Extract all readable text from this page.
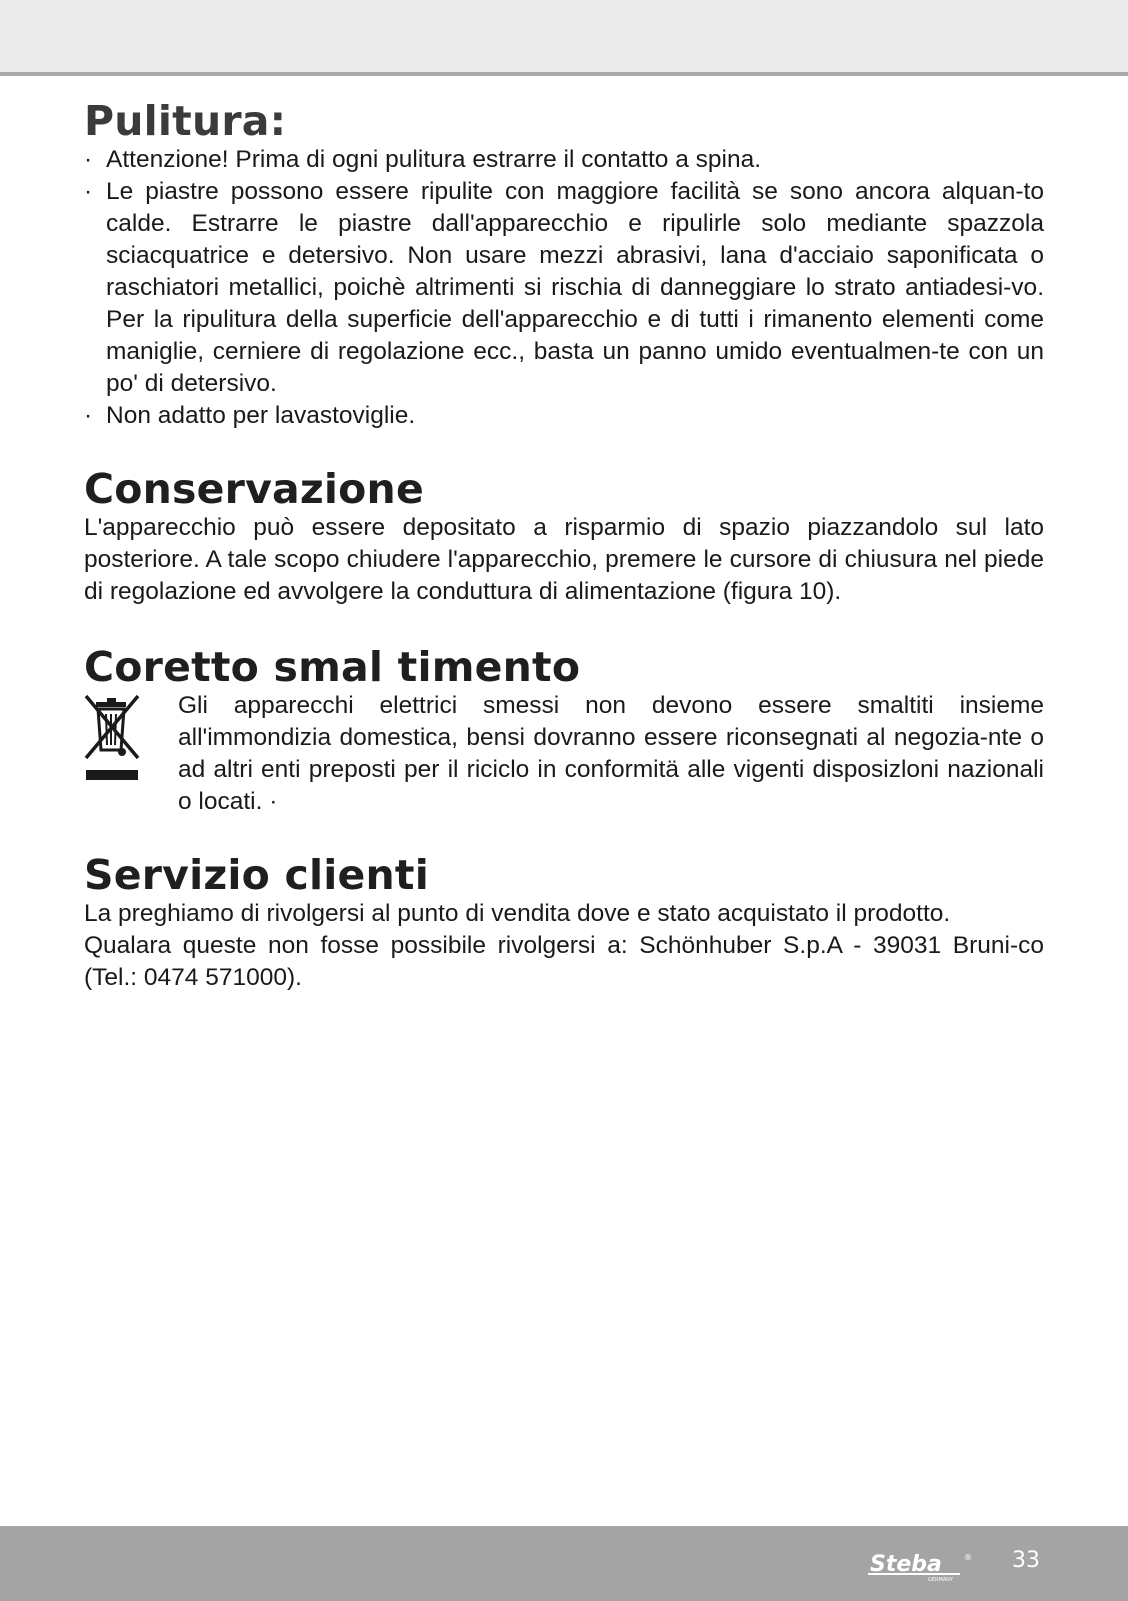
Pulitura:
· Attenzione! Prima di ogni pulitura estrarre il contatto a spina.
· Le piastre possono essere ripulite con maggiore facilità se sono ancora alquan-to calde. Estrarre le piastre dall'apparecchio e ripulirle solo mediante spazzola sciacquatrice e detersivo. Non usare mezzi abrasivi, lana d'acciaio saponificata o raschiatori metallici, poichè altrimenti si rischia di danneggiare lo strato antiadesi-vo. Per la ripulitura della superficie dell'apparecchio e di tutti i rimanento elementi come maniglie, cerniere di regolazione ecc., basta un panno umido eventualmen-te con un po' di detersivo.
· Non adatto per lavastoviglie.
Conservazione

L'apparecchio può essere depositato a risparmio di spazio piazzandolo sul lato posteriore. A tale scopo chiudere l'apparecchio, premere le cursore di chiusura nel piede di regolazione ed avvolgere la conduttura di alimentazione (figura 10).

Coretto smal timento

Gli apparecchi elettrici smessi non devono essere smaltiti insieme all'immondizia domestica, bensi dovranno essere riconsegnati al negozia-nte o ad altri enti preposti per il riciclo in conformitä alle vigenti disposizloni nazionali o locati. ·

Servizio clienti

La preghiamo di rivolgersi al punto di vendita dove e stato acquistato il prodotto.

Qualara queste non fosse possibile rivolgersi a: Schönhuber S.p.A - 39031 Bruni-co (Tel.: 0474 571000).

Steba
GERMANY
® 33
